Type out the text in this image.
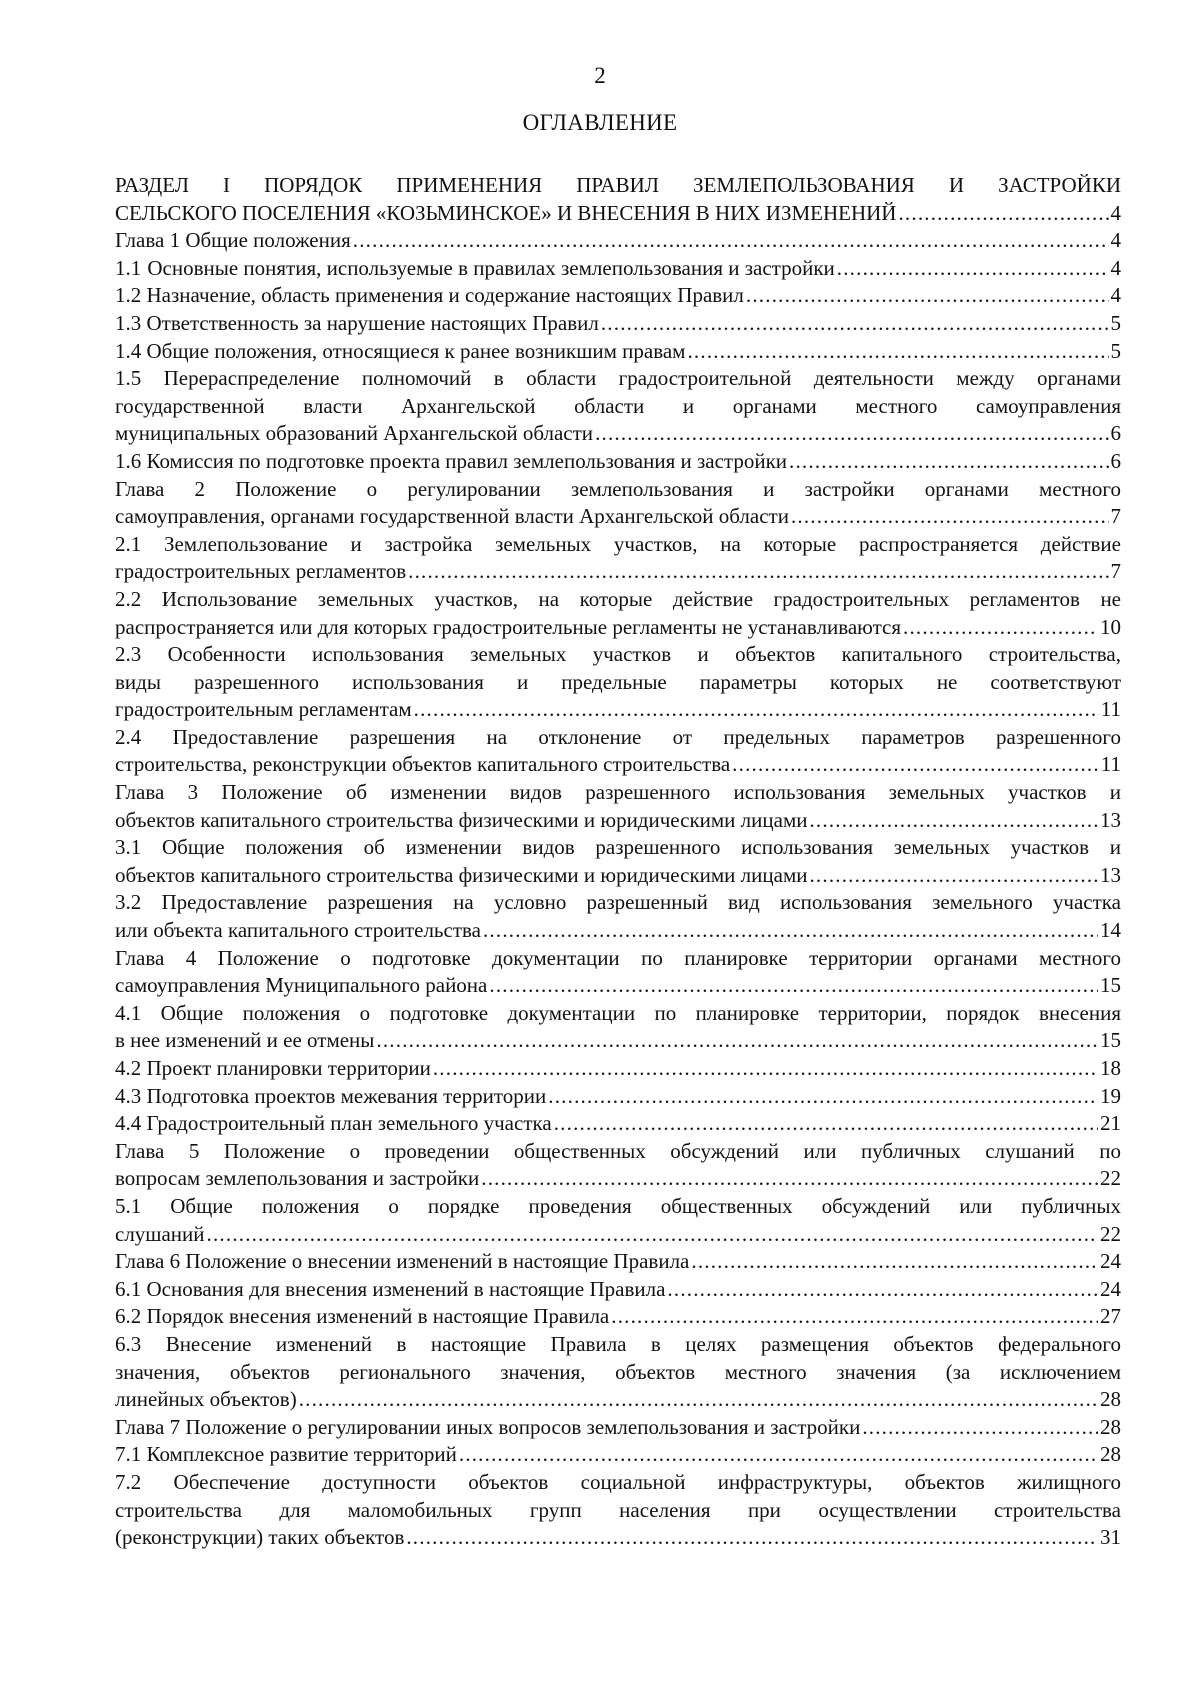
2
ОГЛАВЛЕНИЕ
РАЗДЕЛ I ПОРЯДОК ПРИМЕНЕНИЯ ПРАВИЛ ЗЕМЛЕПОЛЬЗОВАНИЯ И ЗАСТРОЙКИ
СЕЛЬСКОГО ПОСЕЛЕНИЯ «КОЗЬМИНСКОЕ» И ВНЕСЕНИЯ В НИХ ИЗМЕНЕНИЙ .....	4
Глава 1 Общие положения .....	4
1.1 Основные понятия, используемые в правилах землепользования и застройки .....	4
1.2 Назначение, область применения и содержание настоящих Правил .....	4
1.3 Ответственность за нарушение настоящих Правил .....	5
1.4 Общие положения, относящиеся к ранее возникшим правам .....	5
1.5 Перераспределение полномочий в области градостроительной деятельности между органами
государственной власти Архангельской области и органами местного самоуправления
муниципальных образований Архангельской области .....	6
1.6 Комиссия по подготовке проекта правил землепользования и застройки .....	6
Глава 2 Положение о регулировании землепользования и застройки органами местного
самоуправления, органами государственной власти Архангельской области .....	7
2.1 Землепользование и застройка земельных участков, на которые распространяется действие
градостроительных регламентов .....	7
2.2 Использование земельных участков, на которые действие градостроительных регламентов не
распространяется или для которых градостроительные регламенты не устанавливаются .....	10
2.3 Особенности использования земельных участков и объектов капитального строительства,
виды разрешенного использования и предельные параметры которых не соответствуют
градостроительным регламентам .....	11
2.4 Предоставление разрешения на отклонение от предельных параметров разрешенного
строительства, реконструкции объектов капитального строительства .....	11
Глава 3 Положение об изменении видов разрешенного использования земельных участков и
объектов капитального строительства физическими и юридическими лицами .....	13
3.1 Общие положения об изменении видов разрешенного использования земельных участков и
объектов капитального строительства физическими и юридическими лицами .....	13
3.2 Предоставление разрешения на условно разрешенный вид использования земельного участка
или объекта капитального строительства .....	14
Глава 4 Положение о подготовке документации по планировке территории органами местного
самоуправления Муниципального района .....	15
4.1 Общие положения о подготовке документации по планировке территории, порядок внесения
в нее изменений и ее отмены .....	15
4.2 Проект планировки территории .....	18
4.3 Подготовка проектов межевания территории .....	19
4.4 Градостроительный план земельного участка .....	21
Глава 5 Положение о проведении общественных обсуждений или публичных слушаний по
вопросам землепользования и застройки .....	22
5.1 Общие положения о порядке проведения общественных обсуждений или публичных
слушаний .....	22
Глава 6 Положение о внесении изменений в настоящие Правила .....	24
6.1 Основания для внесения изменений в настоящие Правила .....	24
6.2 Порядок внесения изменений в настоящие Правила .....	27
6.3 Внесение изменений в настоящие Правила в целях размещения объектов федерального
значения, объектов регионального значения, объектов местного значения (за исключением
линейных объектов) .....	28
Глава 7 Положение о регулировании иных вопросов землепользования и застройки .....	28
7.1 Комплексное развитие территорий .....	28
7.2 Обеспечение доступности объектов социальной инфраструктуры, объектов жилищного
строительства для маломобильных групп населения при осуществлении строительства
(реконструкции) таких объектов .....	31
